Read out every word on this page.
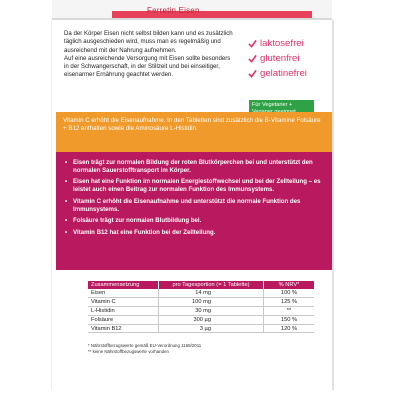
Ferretin Eisen
Da der Körper Eisen nicht selbst bilden kann und es zusätzlich täglich ausgeschieden wird, muss man es regelmäßig und ausreichend mit der Nahrung aufnehmen.
Auf eine ausreichende Versorgung mit Eisen sollte besonders in der Schwangerschaft, in der Stillzeit und bei einseitiger, eisenarmer Ernährung geachtet werden.
laktosefrei
glutenfrei
gelatinefrei
Für Vegetarier +
Vitamin C erhöht die Eisenaufnahme. In den Tabletten sind zusätzlich die B-Vitamine Folsäure + B12 enthalten sowie die Aminosäure L-Histidin.
• Eisen trägt zur normalen Bildung der roten Blutkörperchen bei und unterstützt den normalen Sauerstofftransport im Körper.
• Eisen hat eine Funktion im normalen Energiestoffwechsel und bei der Zellteilung – es leistet auch einen Beitrag zur normalen Funktion des Immunsystems.
• Vitamin C erhöht die Eisenaufnahme und unterstützt die normale Funktion des Immunsystems.
• Folsäure trägt zur normalen Blutbildung bei.
• Vitamin B12 hat eine Funktion bei der Zellteilung.
Zusammensetzung	pro Tagesportion (= 1 Tablette)	% NRV*
Eisen	14 mg	100 %
Vitamin C	100 mg	125 %
L-Histidin	30 mg	**
Folsäure	300 µg	150 %
Vitamin B12	3 µg	120 %
* Nährstoffbezugswerte gemäß EU-Verordnung 1169/2011
** keine Nährstoffbezugswerte vorhanden
